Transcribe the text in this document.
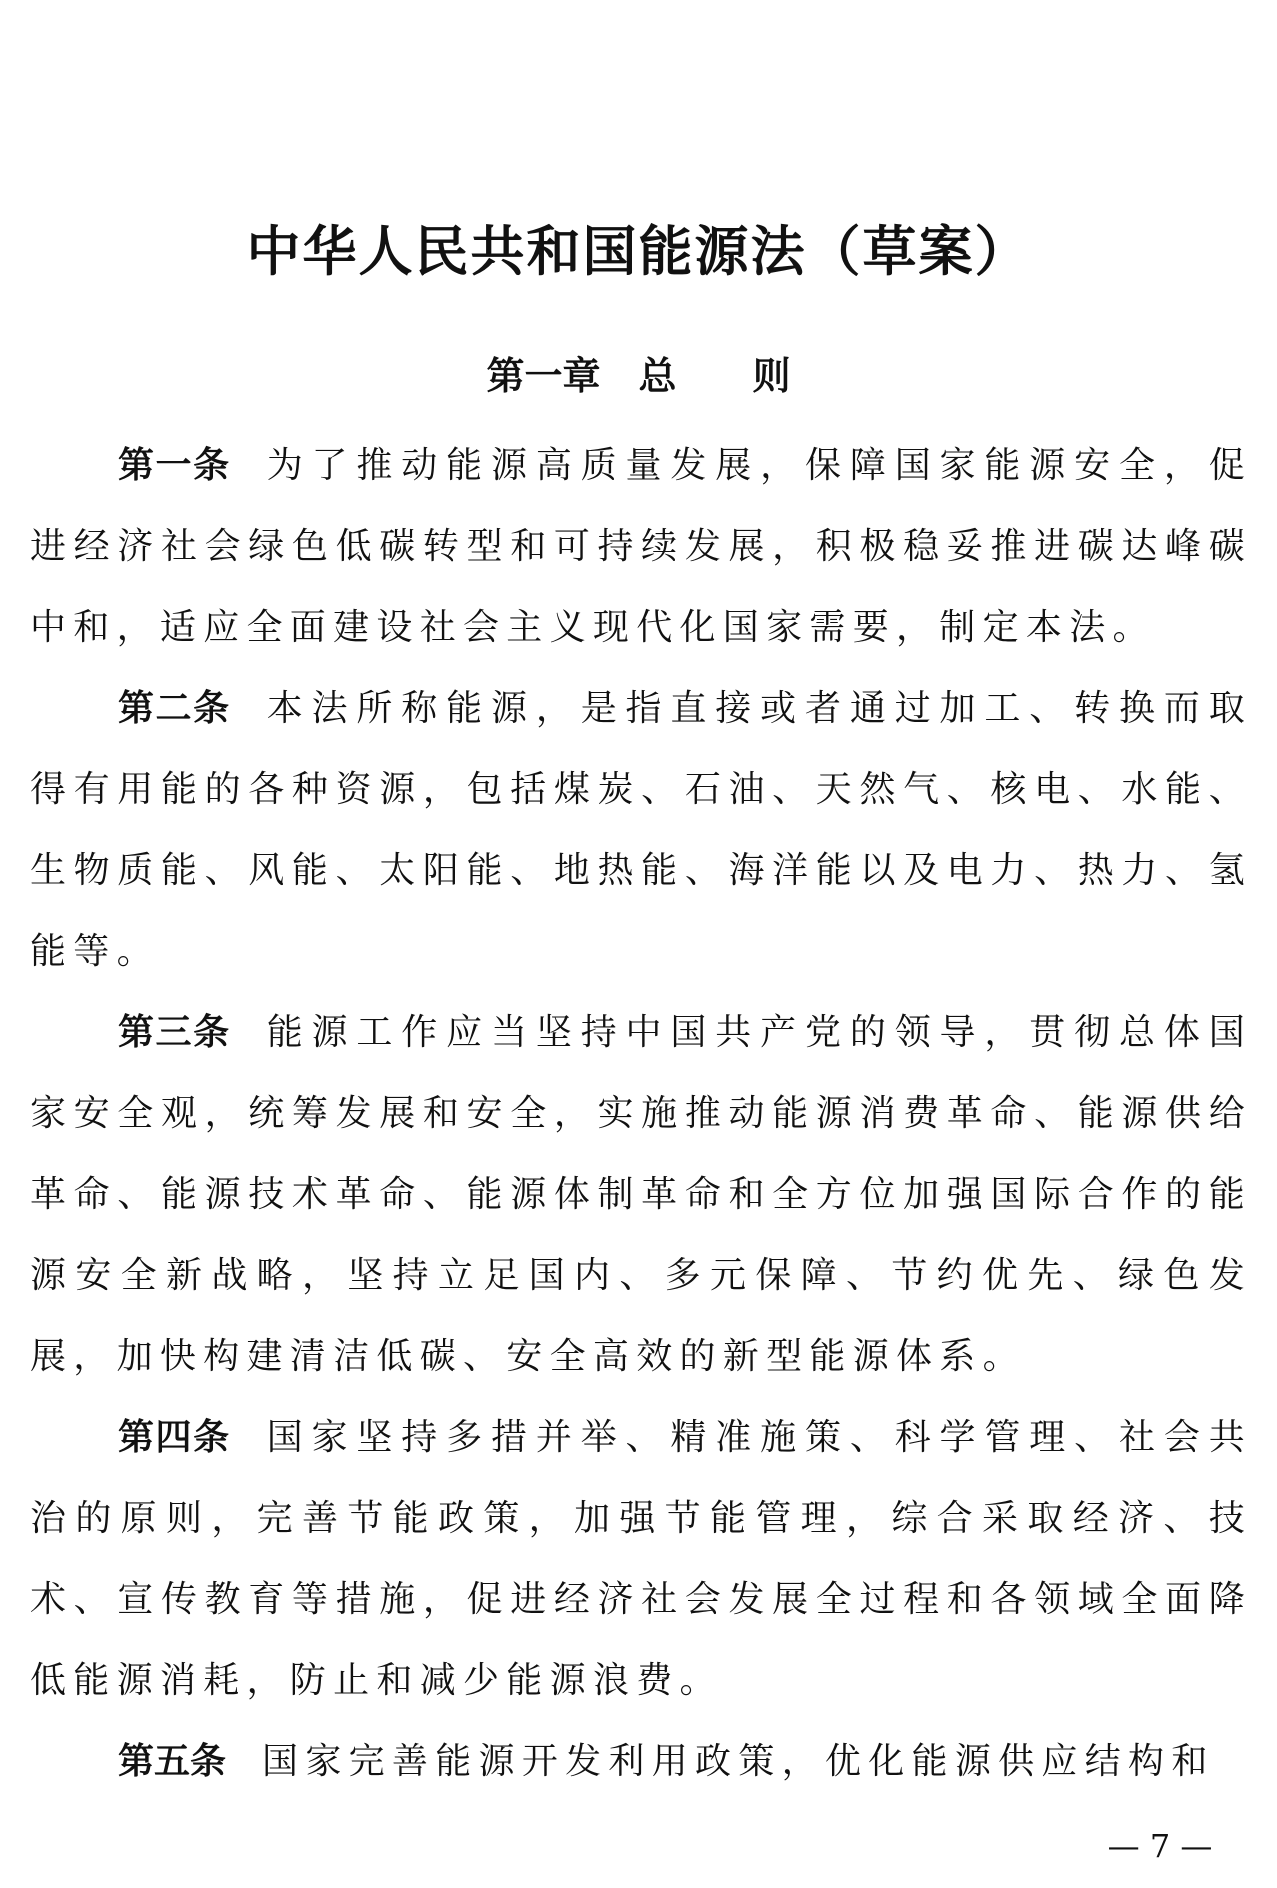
中华人民共和国能源法（草案）
第一章　总　　则

第一条 为了推动能源高质量发展，保障国家能源安全，促进经济社会绿色低碳转型和可持续发展，积极稳妥推进碳达峰碳中和，适应全面建设社会主义现代化国家需要，制定本法。

第二条 本法所称能源，是指直接或者通过加工、转换而取得有用能的各种资源，包括煤炭、石油、天然气、核电、水能、生物质能、风能、太阳能、地热能、海洋能以及电力、热力、氢能等。

第三条 能源工作应当坚持中国共产党的领导，贯彻总体国家安全观，统筹发展和安全，实施推动能源消费革命、能源供给革命、能源技术革命、能源体制革命和全方位加强国际合作的能源安全新战略，坚持立足国内、多元保障、节约优先、绿色发展，加快构建清洁低碳、安全高效的新型能源体系。

第四条 国家坚持多措并举、精准施策、科学管理、社会共治的原则，完善节能政策，加强节能管理，综合采取经济、技术、宣传教育等措施，促进经济社会发展全过程和各领域全面降低能源消耗，防止和减少能源浪费。

第五条 国家完善能源开发利用政策，优化能源供应结构和

— 7 —
